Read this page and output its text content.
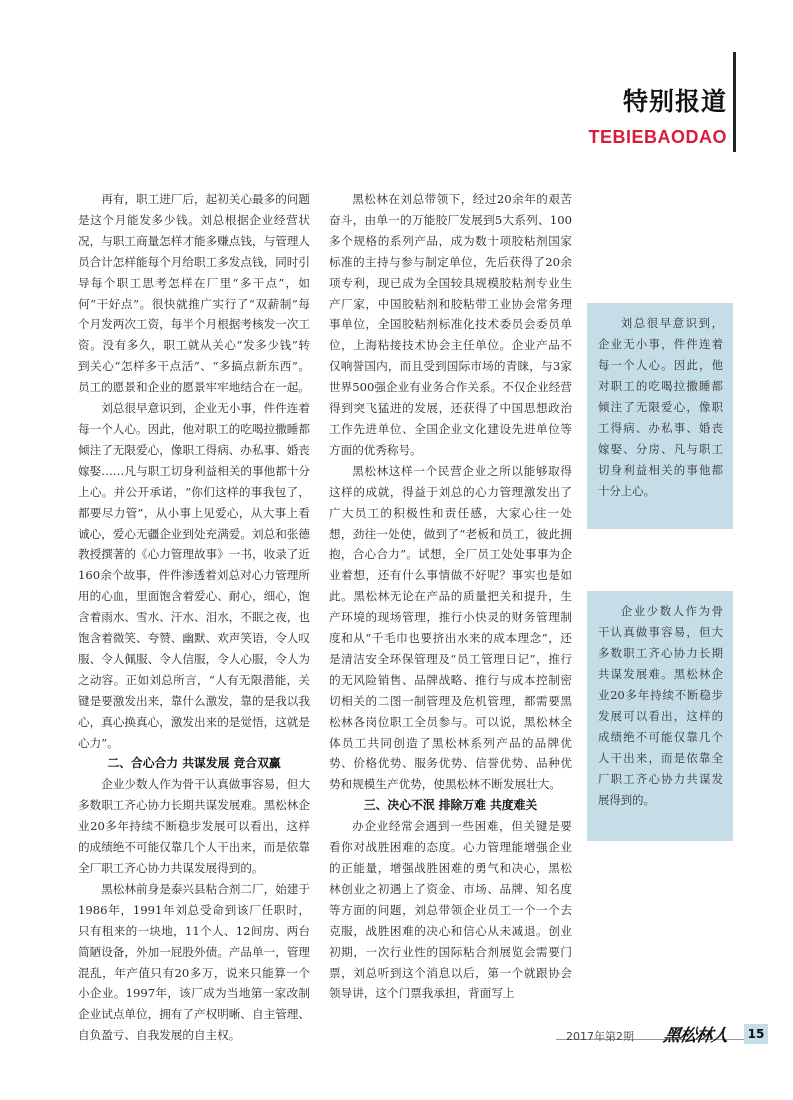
特别报道
TEBIEBAODAO

再有，职工进厂后，起初关心最多的问题是这个月能发多少钱。刘总根据企业经营状况，与职工商量怎样才能多赚点钱，与管理人员合计怎样能每个月给职工多发点钱，同时引导每个职工思考怎样在厂里“多干点”，如何“干好点”。很快就推广实行了“双薪制”每个月发两次工资，每半个月根据考核发一次工资。没有多久，职工就从关心“发多少钱”转到关心“怎样多干点活”、“多搞点新东西”。员工的愿景和企业的愿景牢牢地结合在一起。

刘总很早意识到，企业无小事，件件连着每一个人心。因此，他对职工的吃喝拉撒睡都倾注了无限爱心，像职工得病、办私事、婚丧嫁娶……凡与职工切身利益相关的事他都十分上心。并公开承诺，“你们这样的事我包了，都要尽力管”，从小事上见爱心，从大事上看诚心，爱心无疆企业到处充满爱。刘总和张德教授撰著的《心力管理故事》一书，收录了近160余个故事，件件渗透着刘总对心力管理所用的心血，里面饱含着爱心、耐心，细心，饱含着雨水、雪水、汗水、泪水，不眠之夜，也饱含着微笑、夸赞、幽默、欢声笑语，令人叹服、令人佩服、令人信服，令人心服，令人为之动容。正如刘总所言，“人有无限潜能，关键是要激发出来，靠什么激发，靠的是我以我心，真心换真心，激发出来的是觉悟，这就是心力”。

二、合心合力 共谋发展 竞合双赢

企业少数人作为骨干认真做事容易，但大多数职工齐心协力长期共谋发展难。黑松林企业20多年持续不断稳步发展可以看出，这样的成绩绝不可能仅靠几个人干出来，而是依靠全厂职工齐心协力共谋发展得到的。

黑松林前身是泰兴县粘合剂二厂，始建于1986年，1991年刘总受命到该厂任职时，只有租来的一块地，11个人、12间房、两台简陋设备，外加一屁股外债。产品单一，管理混乱，年产值只有20多万，说来只能算一个小企业。1997年，该厂成为当地第一家改制企业试点单位，拥有了产权明晰、自主管理、自负盈亏、自我发展的自主权。

黑松林在刘总带领下，经过20余年的艰苦奋斗，由单一的万能胶厂发展到5大系列、100多个规格的系列产品，成为数十项胶粘剂国家标准的主持与参与制定单位，先后获得了20余项专利，现已成为全国较具规模胶粘剂专业生产厂家，中国胶粘剂和胶粘带工业协会常务理事单位，全国胶粘剂标准化技术委员会委员单位，上海粘接技术协会主任单位。企业产品不仅响誉国内，而且受到国际市场的青睐，与3家世界500强企业有业务合作关系。不仅企业经营得到突飞猛进的发展，还获得了中国思想政治工作先进单位、全国企业文化建设先进单位等方面的优秀称号。

黑松林这样一个民营企业之所以能够取得这样的成就，得益于刘总的心力管理激发出了广大员工的积极性和责任感，大家心往一处想，劲往一处使，做到了“老板和员工，彼此拥抱，合心合力”。试想，全厂员工处处事事为企业着想，还有什么事情做不好呢？事实也是如此。黑松林无论在产品的质量把关和提升，生产环境的现场管理，推行小快灵的财务管理制度和从“千毛巾也要挤出水来的成本理念”，还是清洁安全环保管理及“员工管理日记”，推行的无风险销售、品牌战略、推行与成本控制密切相关的二图一制管理及危机管理，都需要黑松林各岗位职工全员参与。可以说，黑松林全体员工共同创造了黑松林系列产品的品牌优势、价格优势、服务优势、信誉优势、品种优势和规模生产优势，使黑松林不断发展壮大。

三、决心不泯 排除万难 共度难关

办企业经常会遇到一些困难，但关键是要看你对战胜困难的态度。心力管理能增强企业的正能量，增强战胜困难的勇气和决心，黑松林创业之初遇上了资金、市场、品牌、知名度等方面的问题，刘总带领企业员工一个一个去克服，战胜困难的决心和信心从未减退。创业初期，一次行业性的国际粘合剂展览会需要门票，刘总听到这个消息以后，第一个就跟协会领导讲，这个门票我承担，背面写上

刘总很早意识到，企业无小事，件件连着每一个人心。因此，他对职工的吃喝拉撒睡都倾注了无限爱心，像职工得病、办私事、婚丧嫁娶、分房、凡与职工切身利益相关的事他都十分上心。
企业少数人作为骨干认真做事容易，但大多数职工齐心协力长期共谋发展难。黑松林企业20多年持续不断稳步发展可以看出，这样的成绩绝不可能仅靠几个人干出来，而是依靠全厂职工齐心协力共谋发展得到的。
2017年第2期 黑松林人	15
